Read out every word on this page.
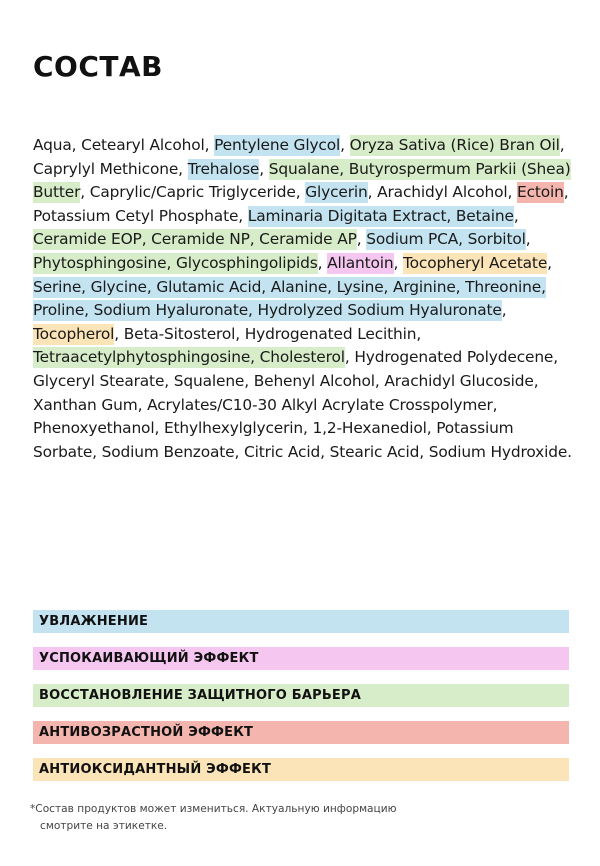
СОСТАВ
Aqua, Cetearyl Alcohol, Pentylene Glycol, Oryza Sativa (Rice) Bran Oil, Caprylyl Methicone, Trehalose, Squalane, Butyrospermum Parkii (Shea) Butter, Caprylic/Capric Triglyceride, Glycerin, Arachidyl Alcohol, Ectoin, Potassium Cetyl Phosphate, Laminaria Digitata Extract, Betaine, Ceramide EOP, Ceramide NP, Ceramide AP, Sodium PCA, Sorbitol, Phytosphingosine, Glycosphingolipids, Allantoin, Tocopheryl Acetate, Serine, Glycine, Glutamic Acid, Alanine, Lysine, Arginine, Threonine, Proline, Sodium Hyaluronate, Hydrolyzed Sodium Hyaluronate, Tocopherol, Beta-Sitosterol, Hydrogenated Lecithin, Tetraacetylphytosphingosine, Cholesterol, Hydrogenated Polydecene, Glyceryl Stearate, Squalene, Behenyl Alcohol, Arachidyl Glucoside, Xanthan Gum, Acrylates/C10-30 Alkyl Acrylate Crosspolymer, Phenoxyethanol, Ethylhexylglycerin, 1,2-Hexanediol, Potassium Sorbate, Sodium Benzoate, Citric Acid, Stearic Acid, Sodium Hydroxide.
УВЛАЖНЕНИЕ
УСПОКАИВАЮЩИЙ ЭФФЕКТ
ВОССТАНОВЛЕНИЕ ЗАЩИТНОГО БАРЬЕРА
АНТИВОЗРАСТНОЙ ЭФФЕКТ
АНТИОКСИДАНТНЫЙ ЭФФЕКТ
*Состав продуктов может измениться. Актуальную информацию
смотрите на этикетке.
